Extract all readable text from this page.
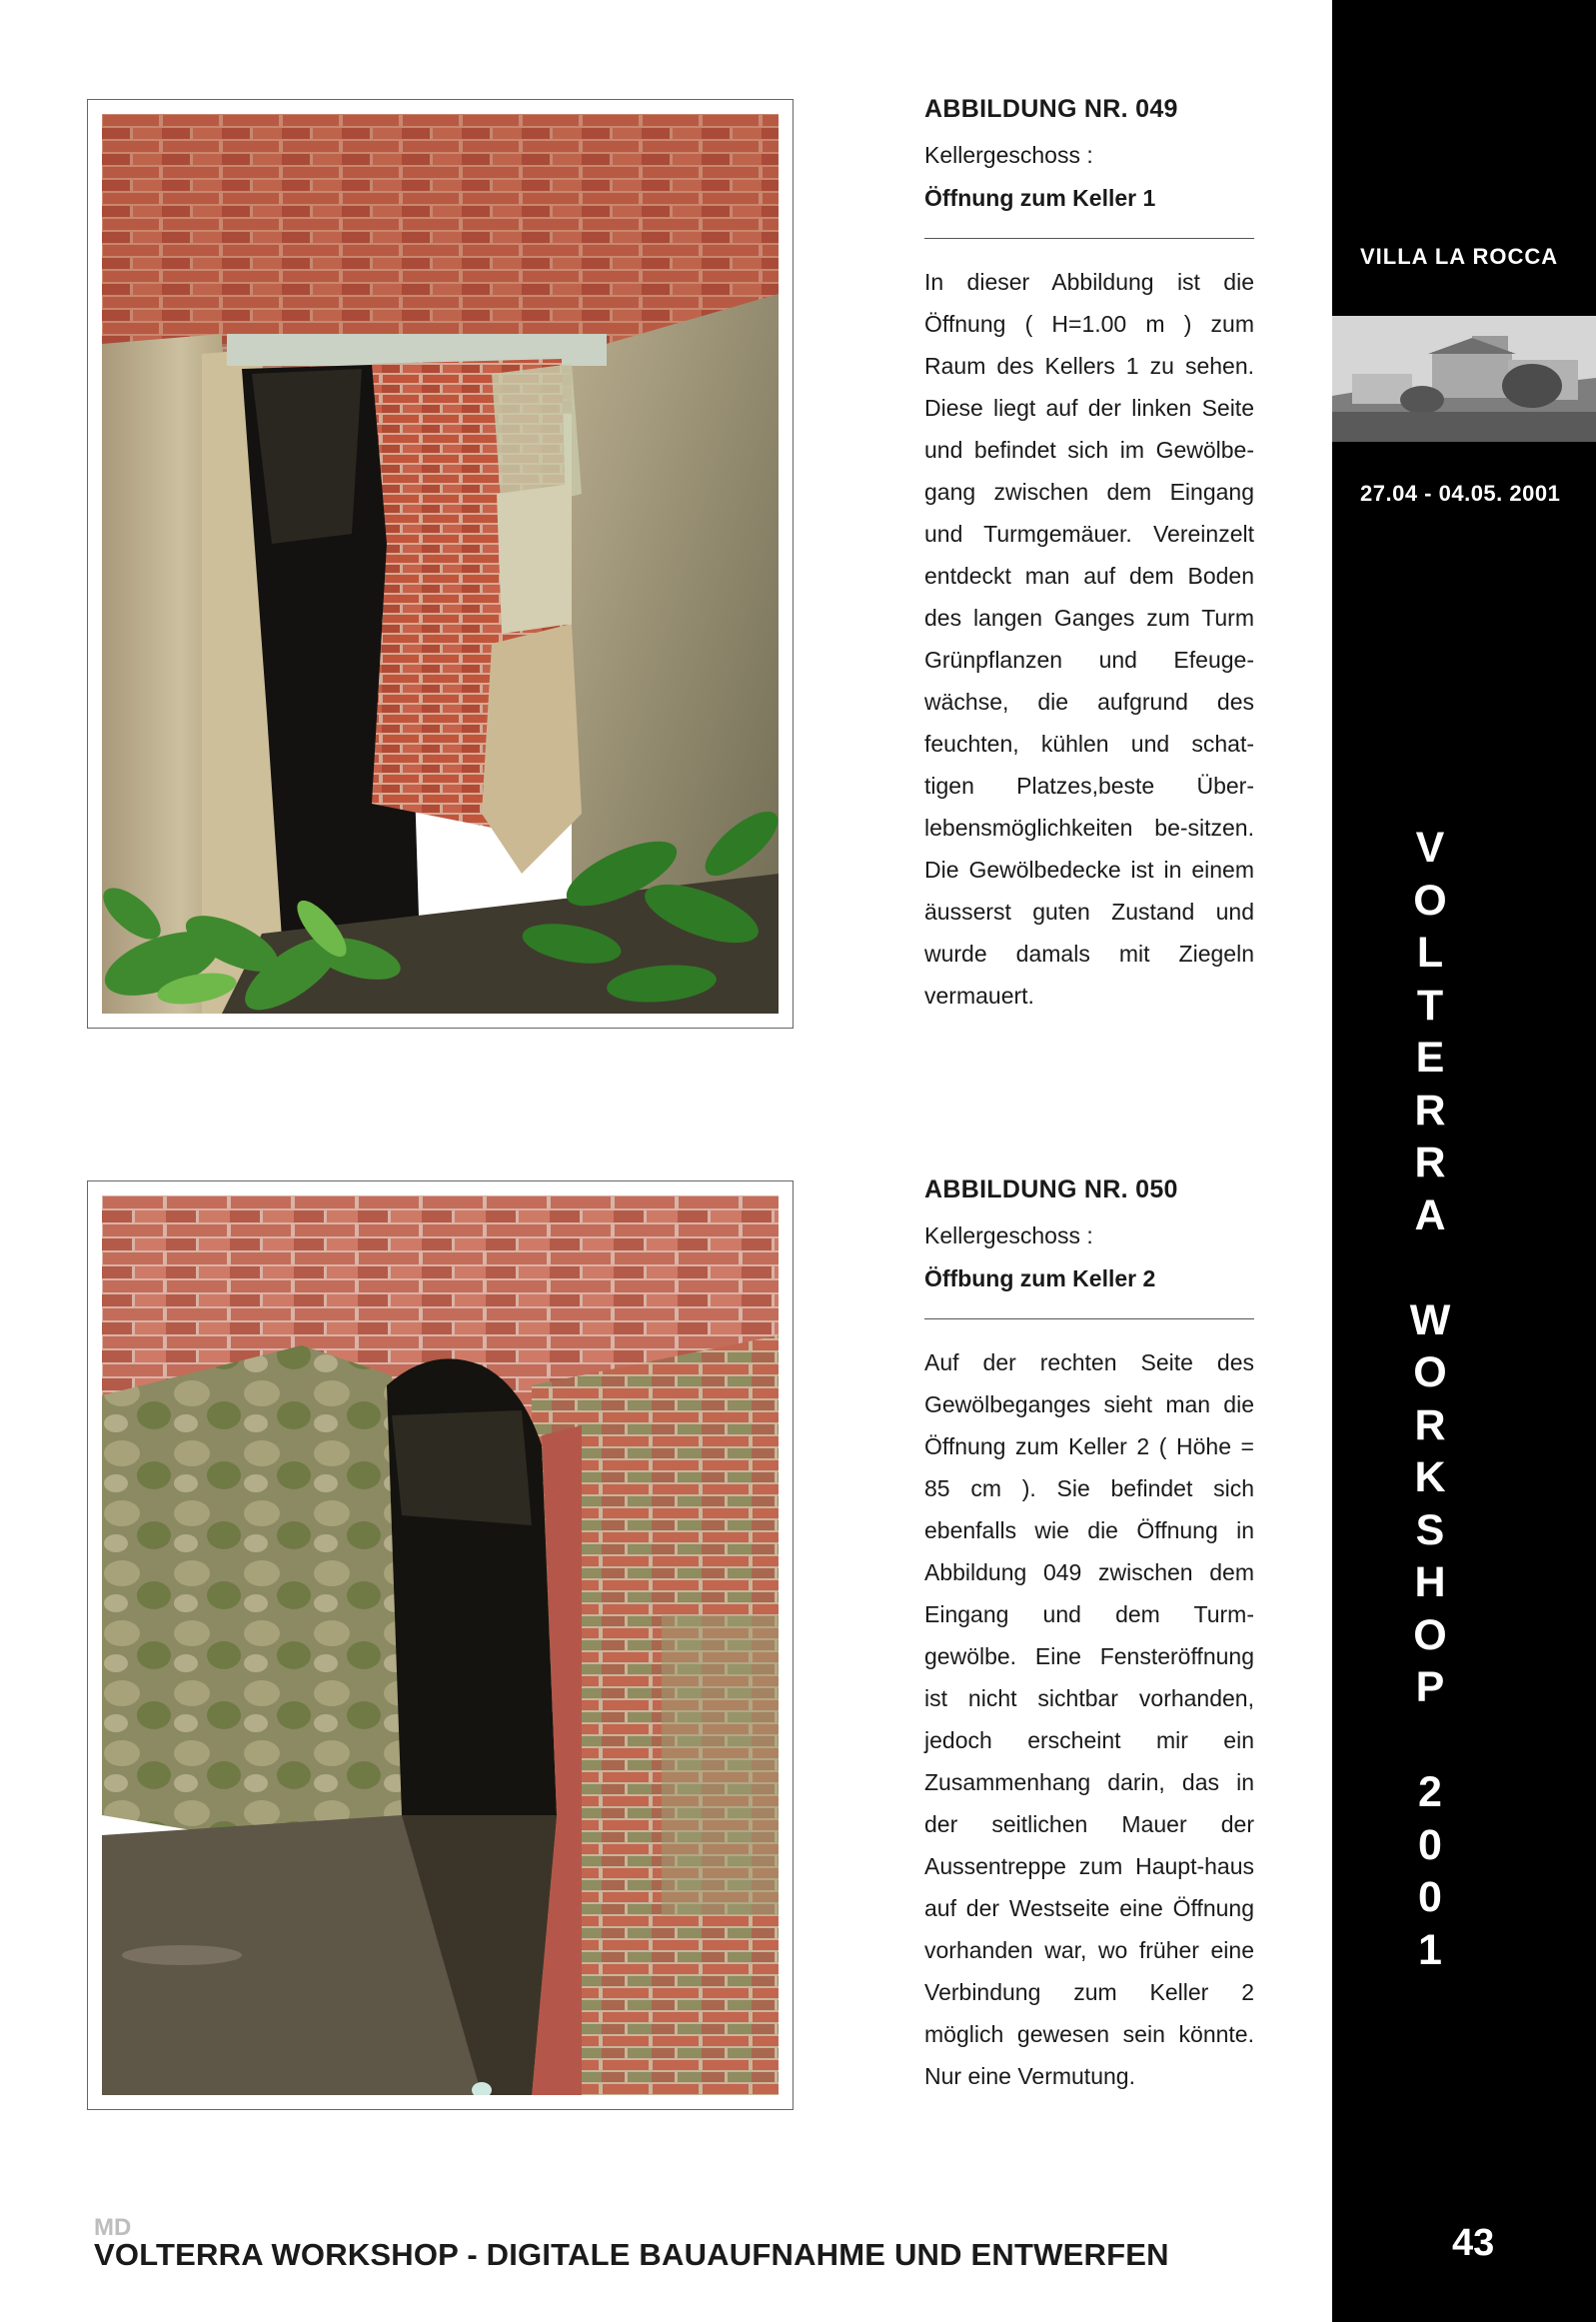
ABBILDUNG NR. 049
Kellergeschoss :
Öffnung zum Keller 1
In dieser Abbildung ist die Öffnung ( H=1.00 m ) zum Raum des Kellers 1 zu sehen. Diese liegt auf der linken Seite und befindet sich im Gewölbe-gang zwischen dem Eingang und Turmgemäuer. Vereinzelt entdeckt man auf dem Boden des langen Ganges zum Turm Grünpflanzen und Efeuge-wächse, die aufgrund des feuchten, kühlen und schat-tigen Platzes,beste Über-lebensmöglichkeiten be-sitzen. Die Gewölbedecke ist in einem äusserst guten Zustand und wurde damals mit Ziegeln vermauert.
ABBILDUNG NR. 050
Kellergeschoss :
Öffbung zum Keller 2
Auf der rechten Seite des Gewölbeganges sieht man die Öffnung zum Keller 2 ( Höhe = 85 cm ). Sie befindet sich ebenfalls wie die Öffnung in Abbildung 049 zwischen dem Eingang und dem Turm-gewölbe. Eine Fensteröffnung ist nicht sichtbar vorhanden, jedoch erscheint mir ein Zusammenhang darin, das in der seitlichen Mauer der Aussentreppe zum Haupt-haus auf der Westseite eine Öffnung vorhanden war, wo früher eine Verbindung zum Keller 2 möglich gewesen sein könnte. Nur eine Vermutung.
VILLA LA ROCCA
27.04 - 04.05. 2001
V
O
L
T
E
R
R
A
W
O
R
K
S
H
O
P
2
0
0
1
43
MD
VOLTERRA WORKSHOP - DIGITALE BAUAUFNAHME UND ENTWERFEN
